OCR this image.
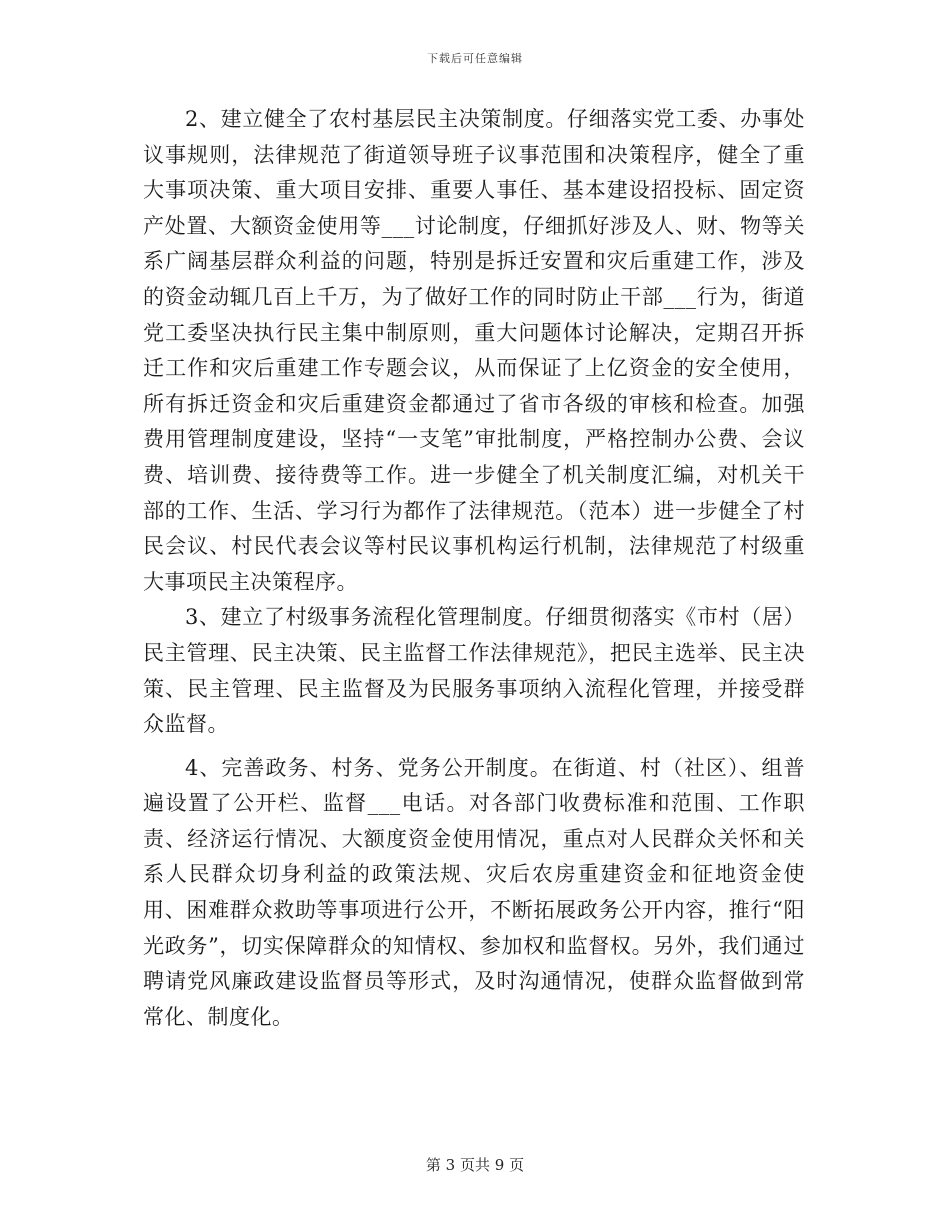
下载后可任意编辑

2、建立健全了农村基层民主决策制度。仔细落实党工委、办事处议事规则，法律规范了街道领导班子议事范围和决策程序，健全了重大事项决策、重大项目安排、重要人事任、基本建设招投标、固定资产处置、大额资金使用等___讨论制度，仔细抓好涉及人、财、物等关系广阔基层群众利益的问题，特别是拆迁安置和灾后重建工作，涉及的资金动辄几百上千万，为了做好工作的同时防止干部___行为，街道党工委坚决执行民主集中制原则，重大问题体讨论解决，定期召开拆迁工作和灾后重建工作专题会议，从而保证了上亿资金的安全使用，所有拆迁资金和灾后重建资金都通过了省市各级的审核和检查。加强费用管理制度建设，坚持“一支笔”审批制度，严格控制办公费、会议费、培训费、接待费等工作。进一步健全了机关制度汇编，对机关干部的工作、生活、学习行为都作了法律规范。（范本）进一步健全了村民会议、村民代表会议等村民议事机构运行机制，法律规范了村级重大事项民主决策程序。

3、建立了村级事务流程化管理制度。仔细贯彻落实《市村（居）民主管理、民主决策、民主监督工作法律规范》，把民主选举、民主决策、民主管理、民主监督及为民服务事项纳入流程化管理，并接受群众监督。

4、完善政务、村务、党务公开制度。在街道、村（社区）、组普遍设置了公开栏、监督___电话。对各部门收费标准和范围、工作职责、经济运行情况、大额度资金使用情况，重点对人民群众关怀和关系人民群众切身利益的政策法规、灾后农房重建资金和征地资金使用、困难群众救助等事项进行公开，不断拓展政务公开内容，推行“阳光政务”，切实保障群众的知情权、参加权和监督权。另外，我们通过聘请党风廉政建设监督员等形式，及时沟通情况，使群众监督做到常常化、制度化。

第 3 页共 9 页
